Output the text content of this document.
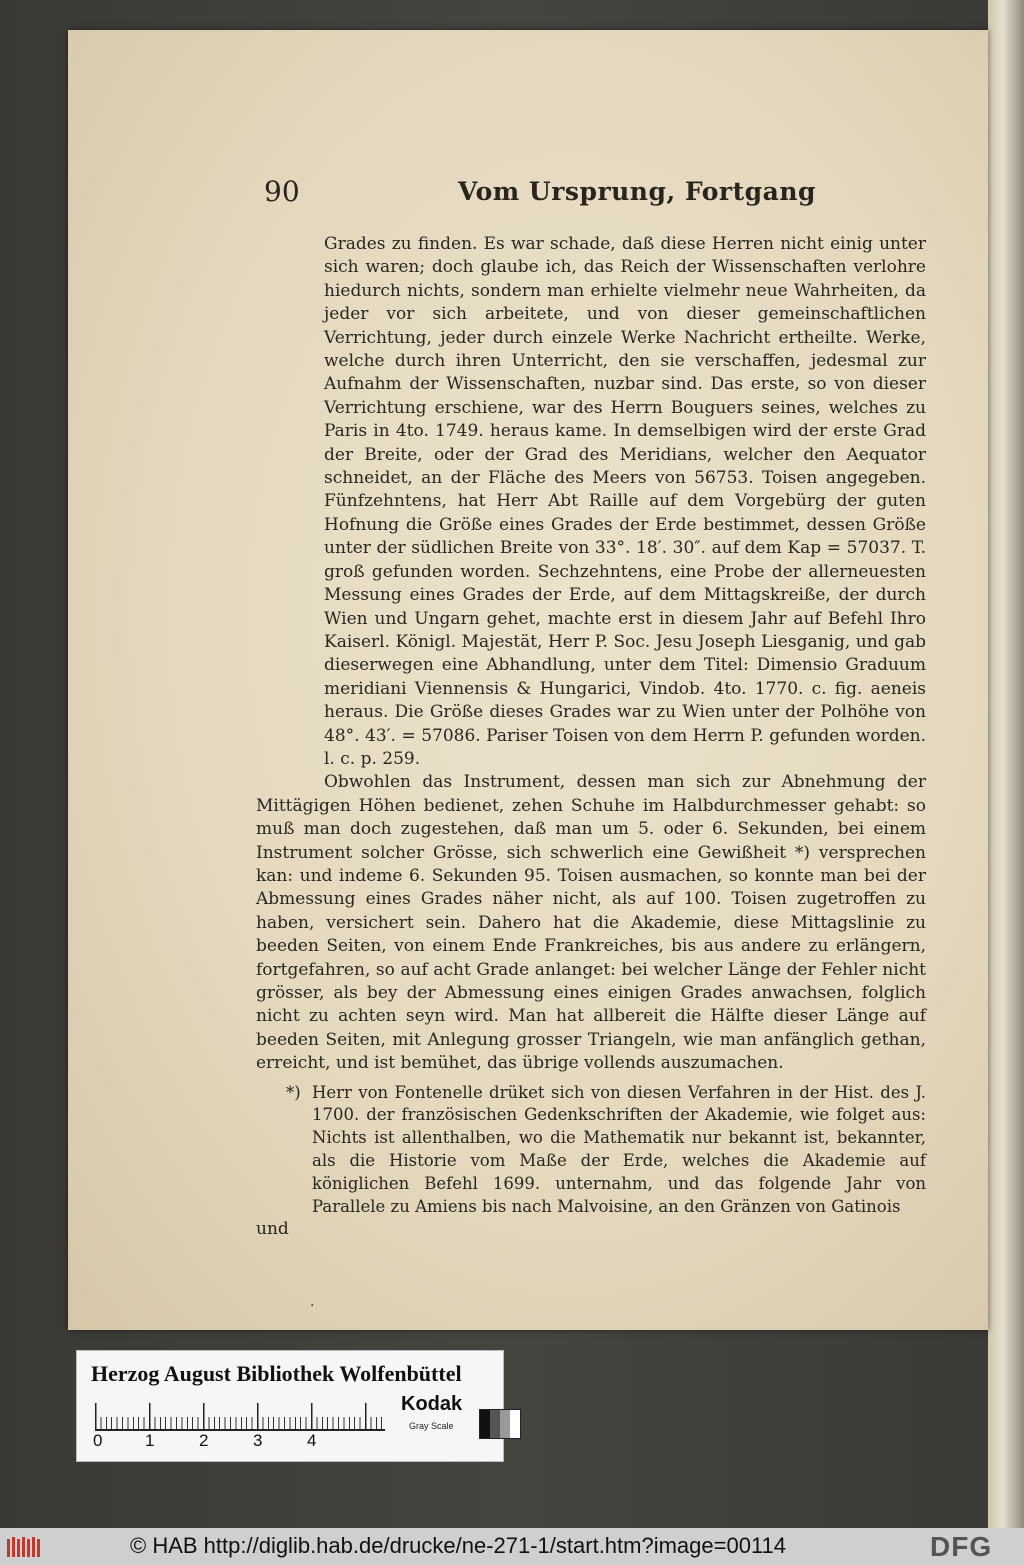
90	Vom Ursprung, Fortgang

Grades zu finden. Es war schade, daß diese Herren nicht einig unter sich waren; doch glaube ich, das Reich der Wissenschaften verlohre hiedurch nichts, sondern man erhielte vielmehr neue Wahrheiten, da jeder vor sich arbeitete, und von dieser gemeinschaftlichen Verrichtung, jeder durch einzele Werke Nachricht ertheilte. Werke, welche durch ihren Unterricht, den sie verschaffen, jedesmal zur Aufnahm der Wissenschaften, nuzbar sind. Das erste, so von dieser Verrichtung erschiene, war des Herrn Bouguers seines, welches zu Paris in 4to. 1749. heraus kame. In demselbigen wird der erste Grad der Breite, oder der Grad des Meridians, welcher den Aequator schneidet, an der Fläche des Meers von 56753. Toisen angegeben. Fünfzehntens, hat Herr Abt Raille auf dem Vorgebürg der guten Hofnung die Größe eines Grades der Erde bestimmet, dessen Größe unter der südlichen Breite von 33°. 18′. 30″. auf dem Kap = 57037. T. groß gefunden worden. Sechzehntens, eine Probe der allerneuesten Messung eines Grades der Erde, auf dem Mittagskreiße, der durch Wien und Ungarn gehet, machte erst in diesem Jahr auf Befehl Ihro Kaiserl. Königl. Majestät, Herr P. Soc. Jesu Joseph Liesganig, und gab dieserwegen eine Abhandlung, unter dem Titel: Dimensio Graduum meridiani Viennensis & Hungarici, Vindob. 4to. 1770. c. fig. aeneis heraus. Die Größe dieses Grades war zu Wien unter der Polhöhe von 48°. 43′. = 57086. Pariser Toisen von dem Herrn P. gefunden worden. l. c. p. 259.

Obwohlen das Instrument, dessen man sich zur Abnehmung der Mittägigen Höhen bedienet, zehen Schuhe im Halbdurchmesser gehabt: so muß man doch zugestehen, daß man um 5. oder 6. Sekunden, bei einem Instrument solcher Grösse, sich schwerlich eine Gewißheit *) versprechen kan: und indeme 6. Sekunden 95. Toisen ausmachen, so konnte man bei der Abmessung eines Grades näher nicht, als auf 100. Toisen zugetroffen zu haben, versichert sein. Dahero hat die Akademie, diese Mittagslinie zu beeden Seiten, von einem Ende Frankreiches, bis aus andere zu erlängern, fortgefahren, so auf acht Grade anlanget: bei welcher Länge der Fehler nicht grösser, als bey der Abmessung eines einigen Grades anwachsen, folglich nicht zu achten seyn wird. Man hat allbereit die Hälfte dieser Länge auf beeden Seiten, mit Anlegung grosser Triangeln, wie man anfänglich gethan, erreicht, und ist bemühet, das übrige vollends auszumachen.

*) Herr von Fontenelle drüket sich von diesen Verfahren in der Hist. des J. 1700. der französischen Gedenkschriften der Akademie, wie folget aus: Nichts ist allenthalben, wo die Mathematik nur bekannt ist, bekannter, als die Historie vom Maße der Erde, welches die Akademie auf königlichen Befehl 1699. unternahm, und das folgende Jahr von Parallele zu Amiens bis nach Malvoisine, an den Gränzen von Gatinois

und

·
Herzog August Bibliothek Wolfenbüttel
0	1	2	3	4
Kodak
Gray Scale
© HAB http://diglib.hab.de/drucke/ne-271-1/start.htm?image=00114	DFG
